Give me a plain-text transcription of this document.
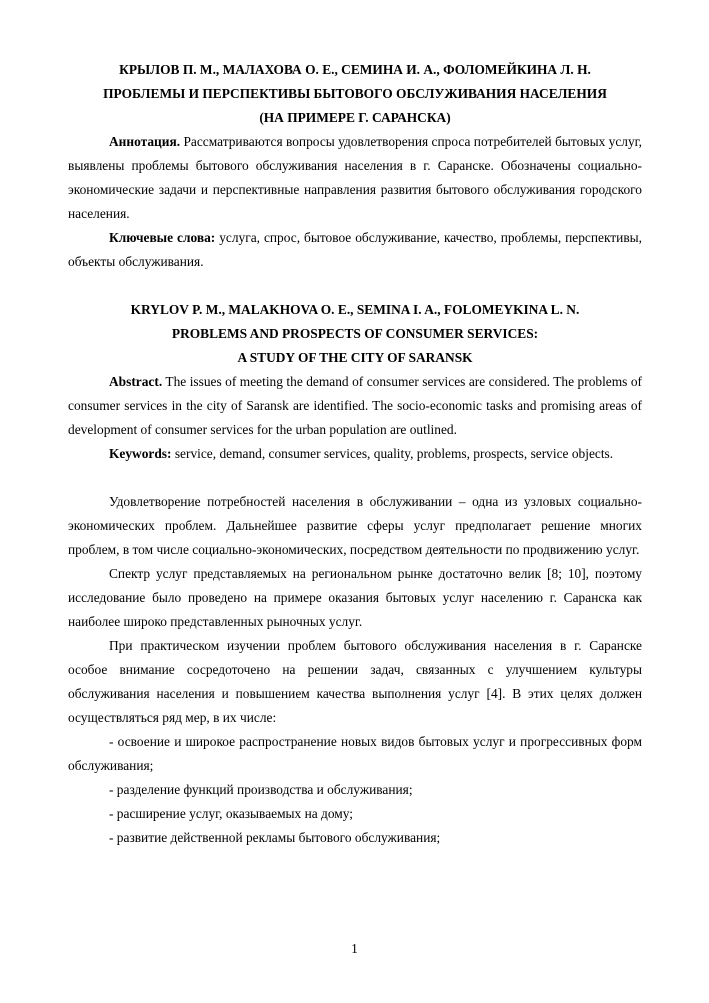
КРЫЛОВ П. М., МАЛАХОВА О. Е., СЕМИНА И. А., ФОЛОМЕЙКИНА Л. Н.

ПРОБЛЕМЫ И ПЕРСПЕКТИВЫ БЫТОВОГО ОБСЛУЖИВАНИЯ НАСЕЛЕНИЯ

(НА ПРИМЕРЕ Г. САРАНСКА)

Аннотация. Рассматриваются вопросы удовлетворения спроса потребителей бытовых услуг, выявлены проблемы бытового обслуживания населения в г. Саранске. Обозначены социально-экономические задачи и перспективные направления развития бытового обслуживания городского населения.

Ключевые слова: услуга, спрос, бытовое обслуживание, качество, проблемы, перспективы, объекты обслуживания.

KRYLOV P. M., MALAKHOVA O. E., SEMINA I. A., FOLOMEYKINA L. N.

PROBLEMS AND PROSPECTS OF CONSUMER SERVICES:

A STUDY OF THE CITY OF SARANSK

Abstract. The issues of meeting the demand of consumer services are considered. The problems of consumer services in the city of Saransk are identified. The socio-economic tasks and promising areas of development of consumer services for the urban population are outlined.

Keywords: service, demand, consumer services, quality, problems, prospects, service objects.

Удовлетворение потребностей населения в обслуживании – одна из узловых социально-экономических проблем. Дальнейшее развитие сферы услуг предполагает решение многих проблем, в том числе социально-экономических, посредством деятельности по продвижению услуг.

Спектр услуг представляемых на региональном рынке достаточно велик [8; 10], поэтому исследование было проведено на примере оказания бытовых услуг населению г. Саранска как наиболее широко представленных рыночных услуг.

При практическом изучении проблем бытового обслуживания населения в г. Саранске особое внимание сосредоточено на решении задач, связанных с улучшением культуры обслуживания населения и повышением качества выполнения услуг [4]. В этих целях должен осуществляться ряд мер, в их числе:

- освоение и широкое распространение новых видов бытовых услуг и прогрессивных форм обслуживания;

- разделение функций производства и обслуживания;

- расширение услуг, оказываемых на дому;

- развитие действенной рекламы бытового обслуживания;

1
